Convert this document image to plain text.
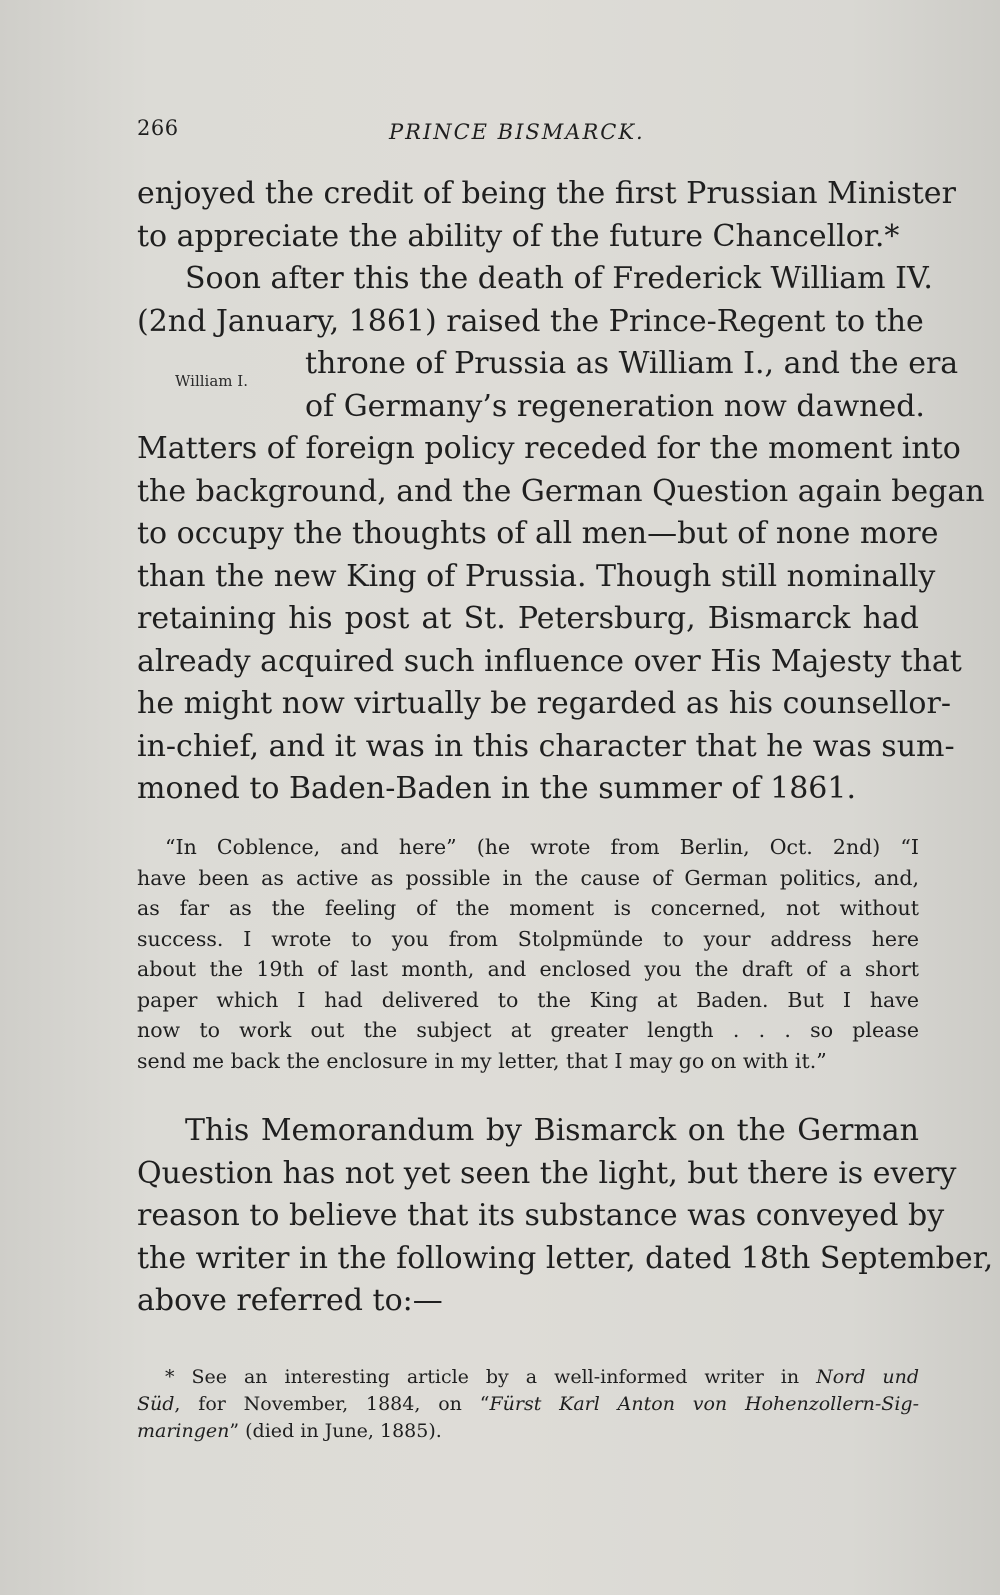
266	PRINCE BISMARCK.
enjoyed the credit of being the first Prussian Minister
to appreciate the ability of the future Chancellor.*
Soon after this the death of Frederick William IV.
(2nd January, 1861) raised the Prince-Regent to the
throne of Prussia as William I., and the era
of Germany’s regeneration now dawned.
Matters of foreign policy receded for the moment into
the background, and the German Question again began
to occupy the thoughts of all men—but of none more
than the new King of Prussia. Though still nominally
retaining his post at St. Petersburg, Bismarck had
already acquired such influence over His Majesty that
he might now virtually be regarded as his counsellor-
in-chief, and it was in this character that he was sum-
moned to Baden-Baden in the summer of 1861.
William I.
“In Coblence, and here” (he wrote from Berlin, Oct. 2nd) “I
have been as active as possible in the cause of German politics, and,
as far as the feeling of the moment is concerned, not without
success. I wrote to you from Stolpmünde to your address here
about the 19th of last month, and enclosed you the draft of a short
paper which I had delivered to the King at Baden. But I have
now to work out the subject at greater length . . . so please
send me back the enclosure in my letter, that I may go on with it.”
This Memorandum by Bismarck on the German
Question has not yet seen the light, but there is every
reason to believe that its substance was conveyed by
the writer in the following letter, dated 18th September,
above referred to:—
* See an interesting article by a well-informed writer in Nord und
Süd, for November, 1884, on “Fürst Karl Anton von Hohenzollern-Sig-
maringen” (died in June, 1885).
